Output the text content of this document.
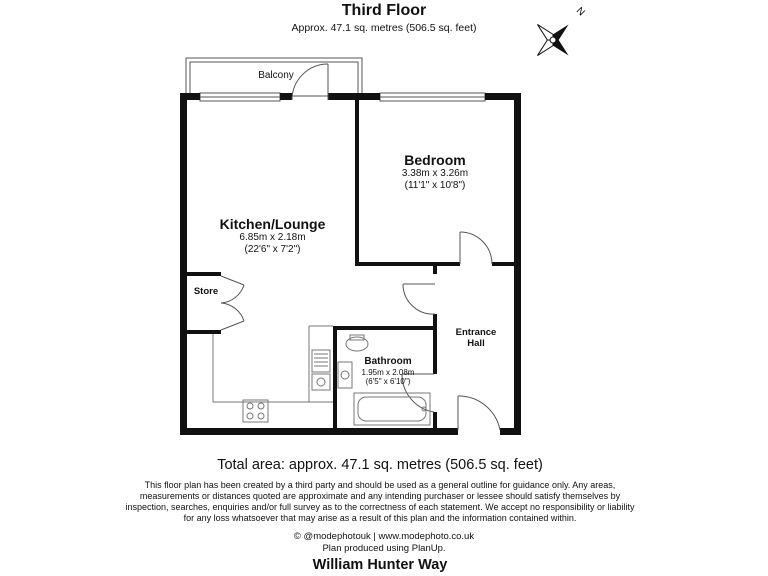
Third Floor
Approx. 47.1 sq. metres (506.5 sq. feet)
N
Balcony
Kitchen/Lounge
6.85m x 2.18m
(22'6" x 7'2")
Bedroom
3.38m x 3.26m
(11'1" x 10'8")
Store
Entrance
Hall
Bathroom
1.95m x 2.08m
(6'5" x 6'10")
Total area: approx. 47.1 sq. metres (506.5 sq. feet)
This floor plan has been created by a third party and should be used as a general outline for guidance only. Any areas, measurements or distances quoted are approximate and any intending purchaser or lessee should satisfy themselves by inspection, searches, enquiries and/or full survey as to the correctness of each statement. We accept no responsibility or liability for any loss whatsoever that may arise as a result of this plan and the information contained within.
© @modephotouk | www.modephoto.co.uk
Plan produced using PlanUp.
William Hunter Way
